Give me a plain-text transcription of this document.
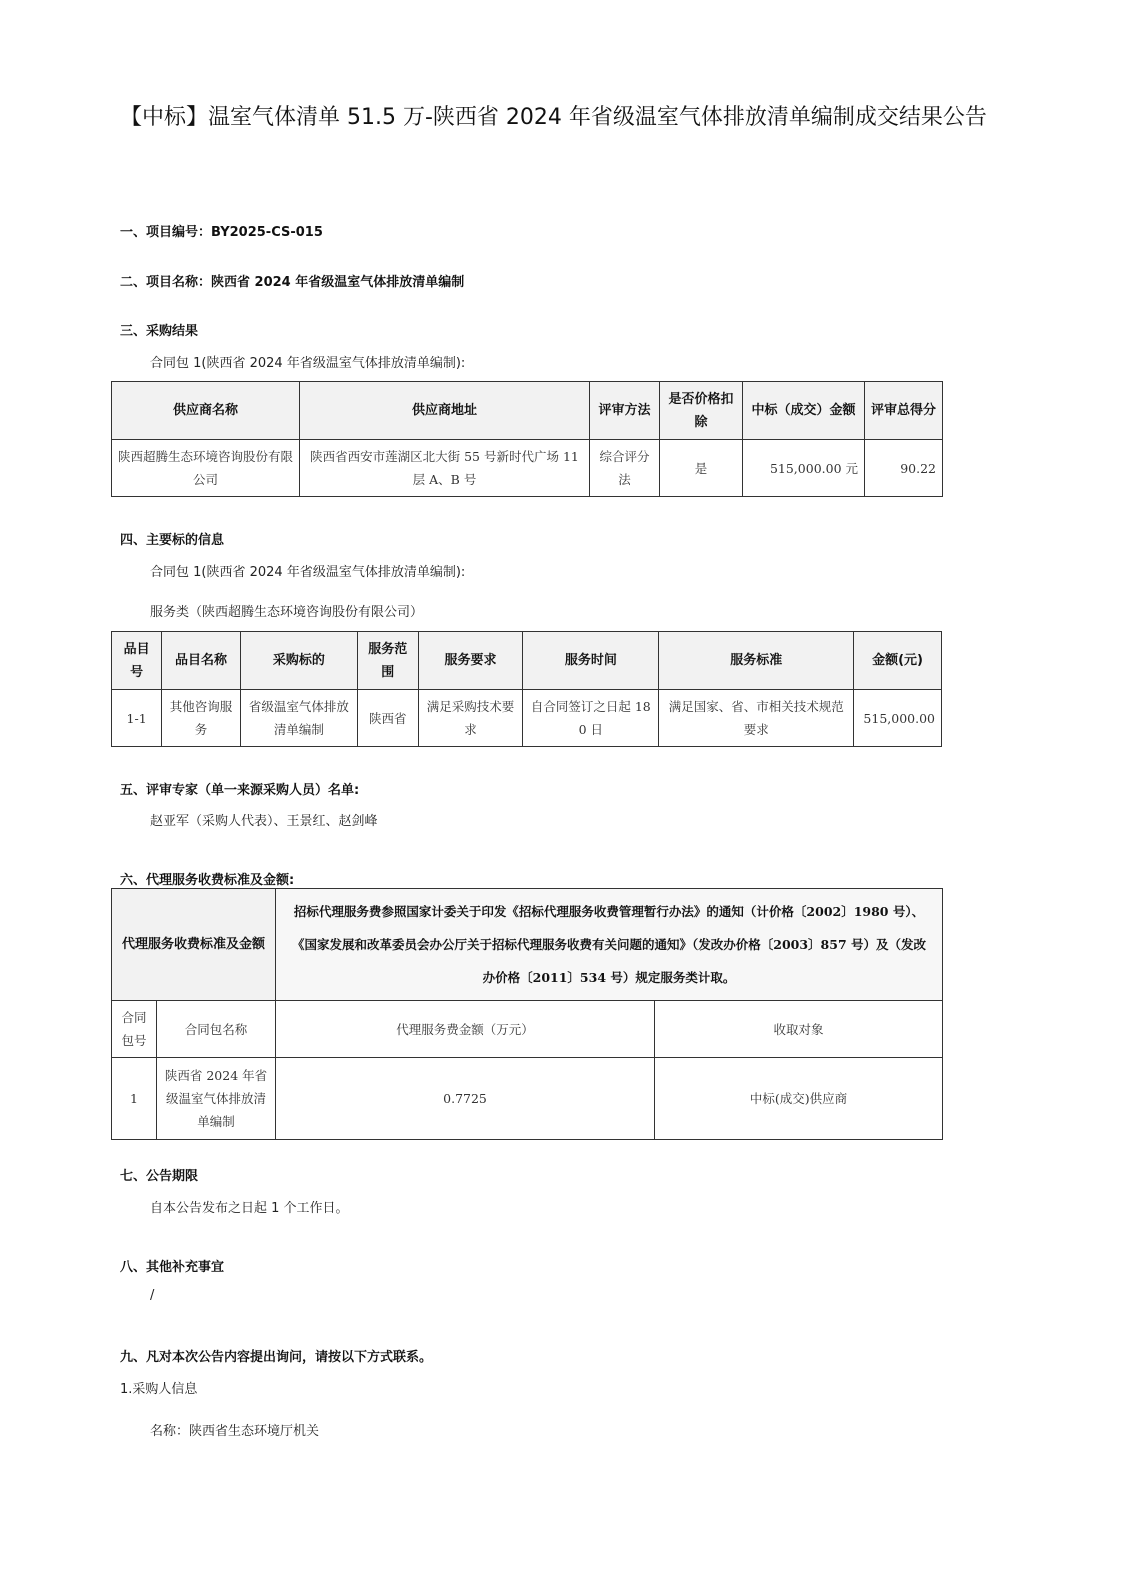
【中标】温室气体清单 51.5 万-陕西省 2024 年省级温室气体排放清单编制成交结果公告
一、项目编号：BY2025-CS-015
二、项目名称：陕西省 2024 年省级温室气体排放清单编制
三、采购结果
合同包 1(陕西省 2024 年省级温室气体排放清单编制):
供应商名称	供应商地址	评审方法	是否价格扣除	中标（成交）金额	评审总得分
陕西超腾生态环境咨询股份有限公司	陕西省西安市莲湖区北大街 55 号新时代广场 11 层 A、B 号	综合评分法	是	515,000.00 元	90.22
四、主要标的信息
合同包 1(陕西省 2024 年省级温室气体排放清单编制):
服务类（陕西超腾生态环境咨询股份有限公司）
品目号	品目名称	采购标的	服务范围	服务要求	服务时间	服务标准	金额(元)
1-1	其他咨询服务	省级温室气体排放清单编制	陕西省	满足采购技术要求	自合同签订之日起 180 日	满足国家、省、市相关技术规范要求	515,000.00
五、评审专家（单一来源采购人员）名单:
赵亚军（采购人代表）、王景红、赵剑峰
六、代理服务收费标准及金额:
代理服务收费标准及金额		招标代理服务费参照国家计委关于印发《招标代理服务收费管理暂行办法》的通知（计价格〔2002〕1980 号）、《国家发展和改革委员会办公厅关于招标代理服务收费有关问题的通知》（发改办价格〔2003〕857 号）及（发改办价格〔2011〕534 号）规定服务类计取。	
合同包号	合同包名称	代理服务费金额（万元）	收取对象
1	陕西省 2024 年省级温室气体排放清单编制	0.7725	中标(成交)供应商
七、公告期限
自本公告发布之日起 1 个工作日。
八、其他补充事宜
/
九、凡对本次公告内容提出询问，请按以下方式联系。
1.采购人信息
名称：陕西省生态环境厅机关
